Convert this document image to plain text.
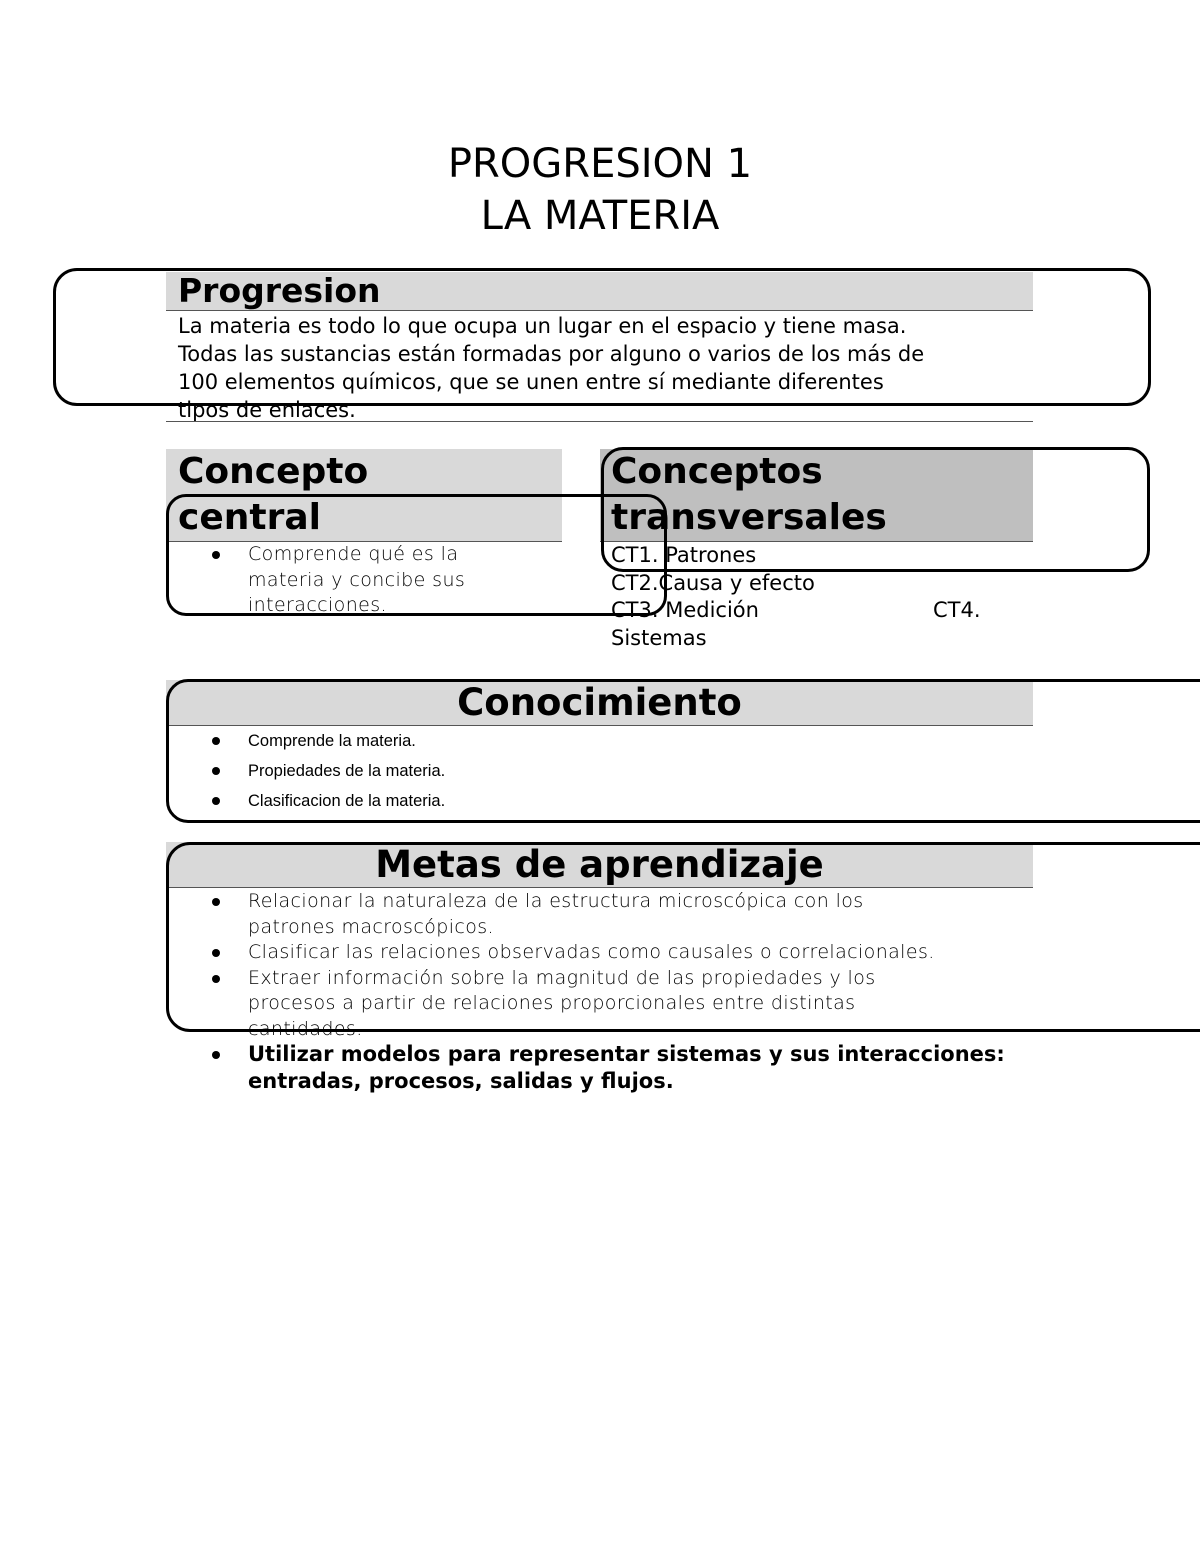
PROGRESION 1
LA MATERIA
Progresion
La materia es todo lo que ocupa un lugar en el espacio y tiene masa.
Todas las sustancias están formadas por alguno o varios de los más de
100 elementos químicos, que se unen entre sí mediante diferentes
tipos de enlaces.
Concepto
central
Comprende qué es la
materia y concibe sus
interacciones.
Conceptos
transversales
CT1. Patrones
CT2.Causa y efecto
CT3. Medición	CT4.
Sistemas
Conocimiento
Comprende la materia.
Propiedades de la materia.
Clasificacion de la materia.
Metas de aprendizaje
Relacionar la naturaleza de la estructura microscópica con los
patrones macroscópicos.
Clasificar las relaciones observadas como causales o correlacionales.
Extraer información sobre la magnitud de las propiedades y los
procesos a partir de relaciones proporcionales entre distintas
cantidades.
Utilizar modelos para representar sistemas y sus interacciones:
entradas, procesos, salidas y flujos.
